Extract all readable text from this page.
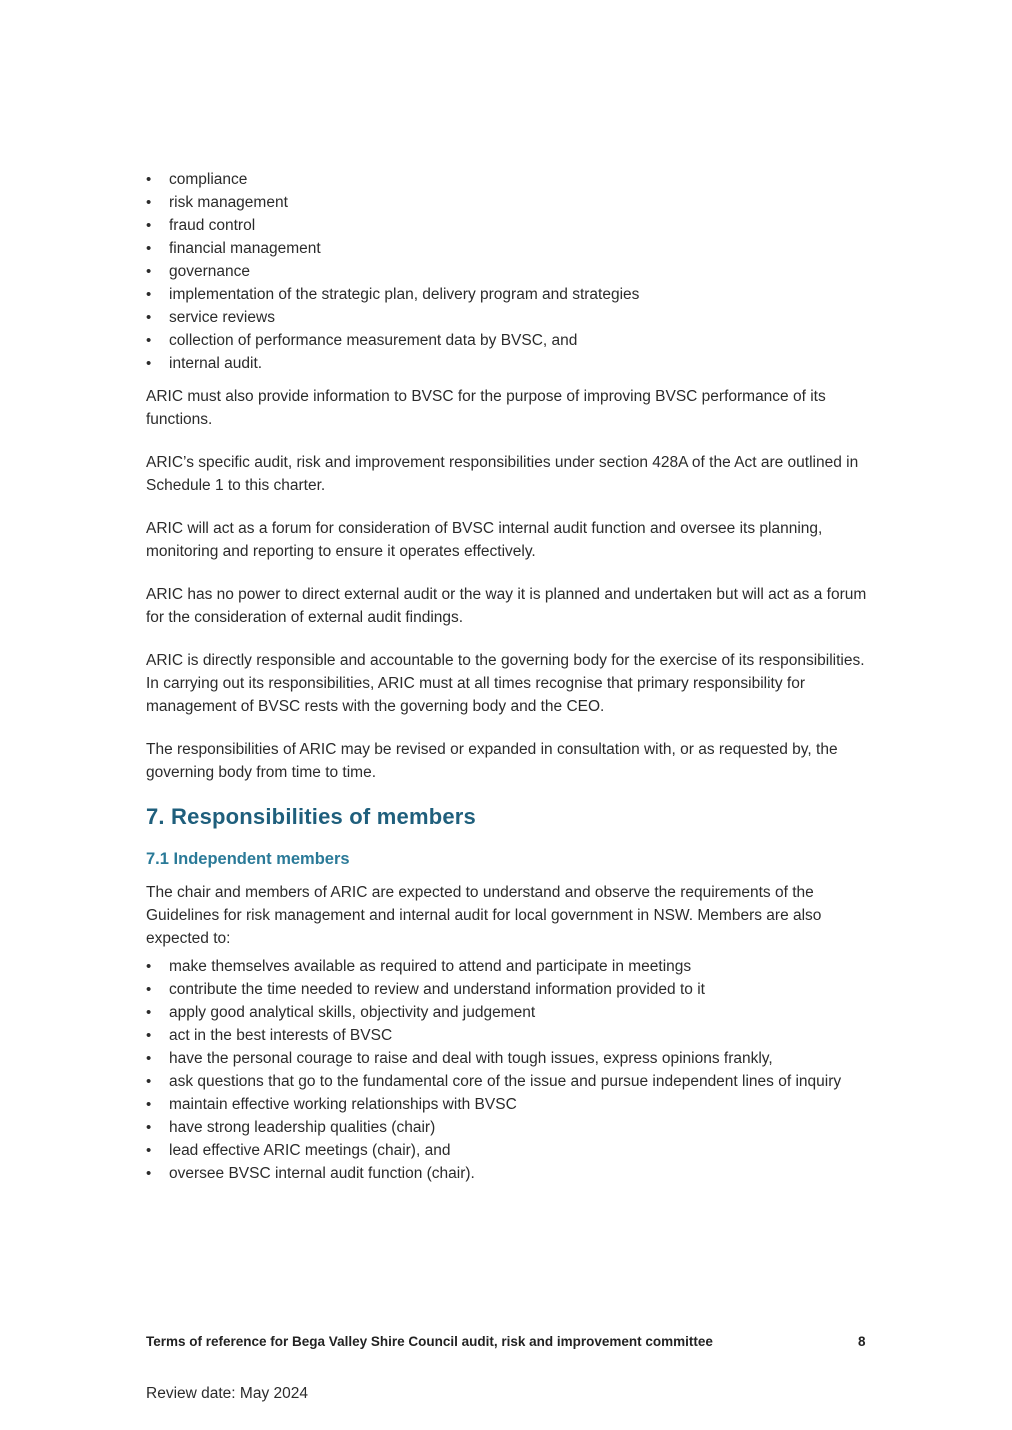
• compliance
• risk management
• fraud control
• financial management
• governance
• implementation of the strategic plan, delivery program and strategies
• service reviews
• collection of performance measurement data by BVSC, and
• internal audit.

ARIC must also provide information to BVSC for the purpose of improving BVSC performance of its functions.

ARIC’s specific audit, risk and improvement responsibilities under section 428A of the Act are outlined in Schedule 1 to this charter.

ARIC will act as a forum for consideration of BVSC internal audit function and oversee its planning, monitoring and reporting to ensure it operates effectively.

ARIC has no power to direct external audit or the way it is planned and undertaken but will act as a forum for the consideration of external audit findings.

ARIC is directly responsible and accountable to the governing body for the exercise of its responsibilities. In carrying out its responsibilities, ARIC must at all times recognise that primary responsibility for management of BVSC rests with the governing body and the CEO.

The responsibilities of ARIC may be revised or expanded in consultation with, or as requested by, the governing body from time to time.

7. Responsibilities of members
7.1 Independent members

The chair and members of ARIC are expected to understand and observe the requirements of the Guidelines for risk management and internal audit for local government in NSW. Members are also expected to:

• make themselves available as required to attend and participate in meetings
• contribute the time needed to review and understand information provided to it
• apply good analytical skills, objectivity and judgement
• act in the best interests of BVSC
• have the personal courage to raise and deal with tough issues, express opinions frankly,
• ask questions that go to the fundamental core of the issue and pursue independent lines of inquiry
• maintain effective working relationships with BVSC
• have strong leadership qualities (chair)
• lead effective ARIC meetings (chair), and
• oversee BVSC internal audit function (chair).
Terms of reference for Bega Valley Shire Council audit, risk and improvement committee	8
Review date: May 2024
